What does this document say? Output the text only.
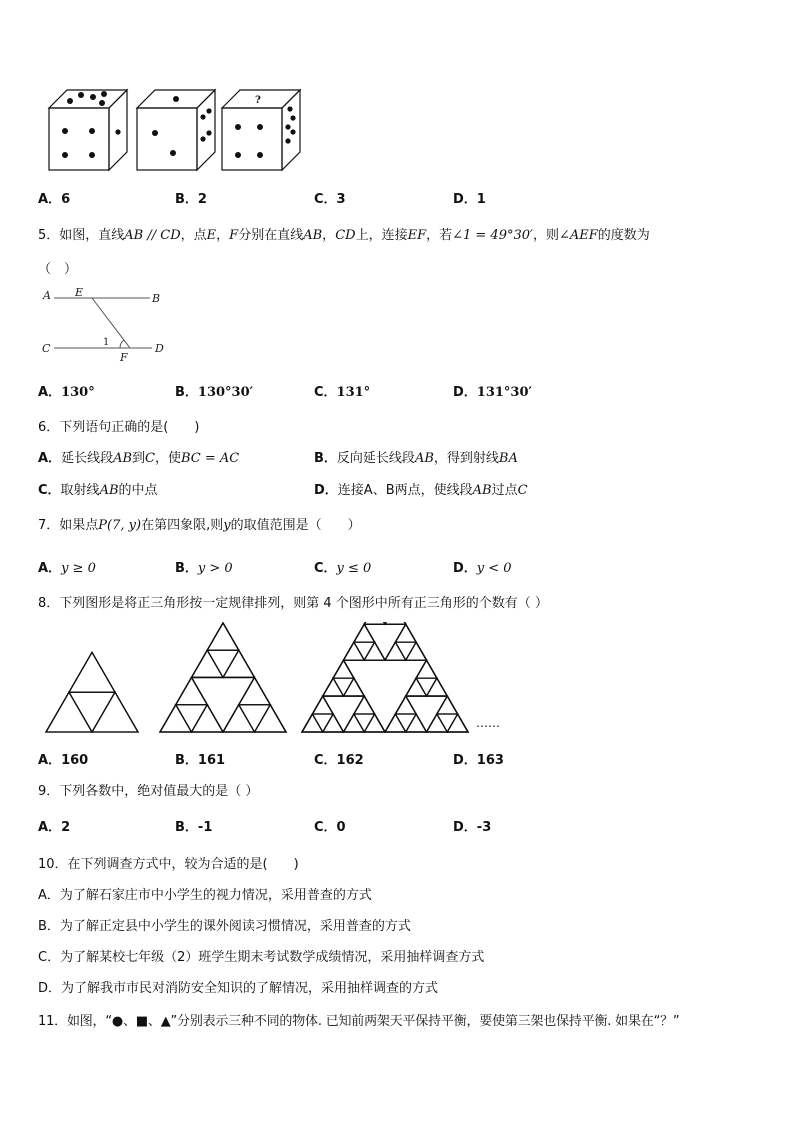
?
A．6	B．2	C．3	D．1
5．如图，直线AB // CD，点E，F分别在直线AB，CD上，连接EF，若∠1 = 49°30′，则∠AEF的度数为
（　）
A E	B
C
F
D
1
A．130°	B．130°30′	C．131°	D．131°30′
6．下列语句正确的是(　　)
A．延长线段AB到C，使BC = AC	B．反向延长线段AB，得到射线BA
C．取射线AB的中点	D．连接A、B两点，使线段AB过点C
7．如果点P(7, y)在第四象限,则y的取值范围是（　　）
A．y ≥ 0	B．y > 0	C．y ≤ 0	D．y < 0
8．下列图形是将正三角形按一定规律排列，则第 4 个图形中所有正三角形的个数有（ ）
……
A．160	B．161	C．162	D．163
9．下列各数中，绝对值最大的是（ ）
A．2	B．-1	C．0	D．-3
10．在下列调查方式中，较为合适的是(　　)
A．为了解石家庄市中小学生的视力情况，采用普查的方式
B．为了解正定县中小学生的课外阅读习惯情况，采用普查的方式
C．为了解某校七年级（2）班学生期末考试数学成绩情况，采用抽样调查方式
D．为了解我市市民对消防安全知识的了解情况，采用抽样调查的方式
11．如图，“●、■、▲”分别表示三种不同的物体. 已知前两架天平保持平衡，要使第三架也保持平衡. 如果在“？”
